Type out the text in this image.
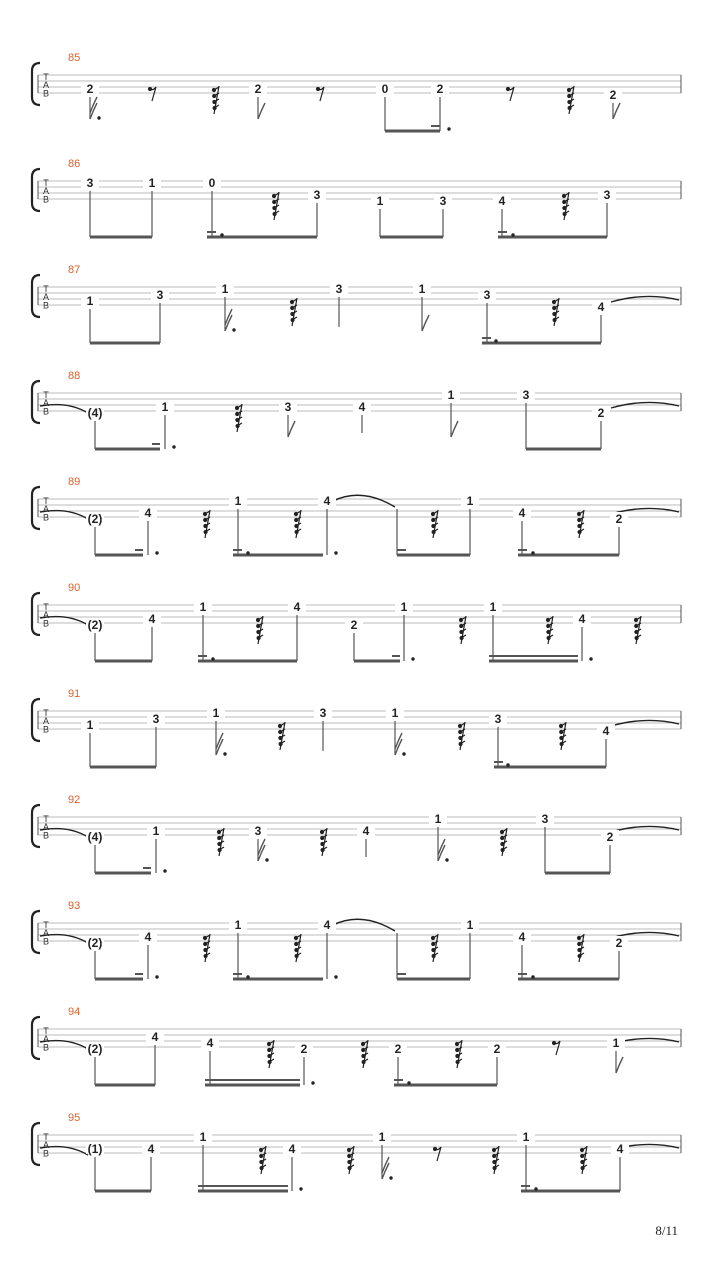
T
A
B
85
2	2	0	2	2
T
A
B
86
3	1	0
3	1	3	4	3
T
A
B
87
1	3	1	3	1	3
4
T
A
B
88
(4)	1	3	4
1	3
2
T
A
B
89
(2)	4
1	4	1
4	2
T
A
B
90
(2)	4
1	4
2
1	1
4
T
A
B
91
1	3	1	3	1	3
4
T
A
B
92
(4)	1	3	4
1	3
2
T
A
B
93
(2)	4
1	4	1
4	2
T
A
B
94
(2)
4	4	2	2	2	1
T
A
B
95
(1)	4
1
4
1	1
4
8/11
